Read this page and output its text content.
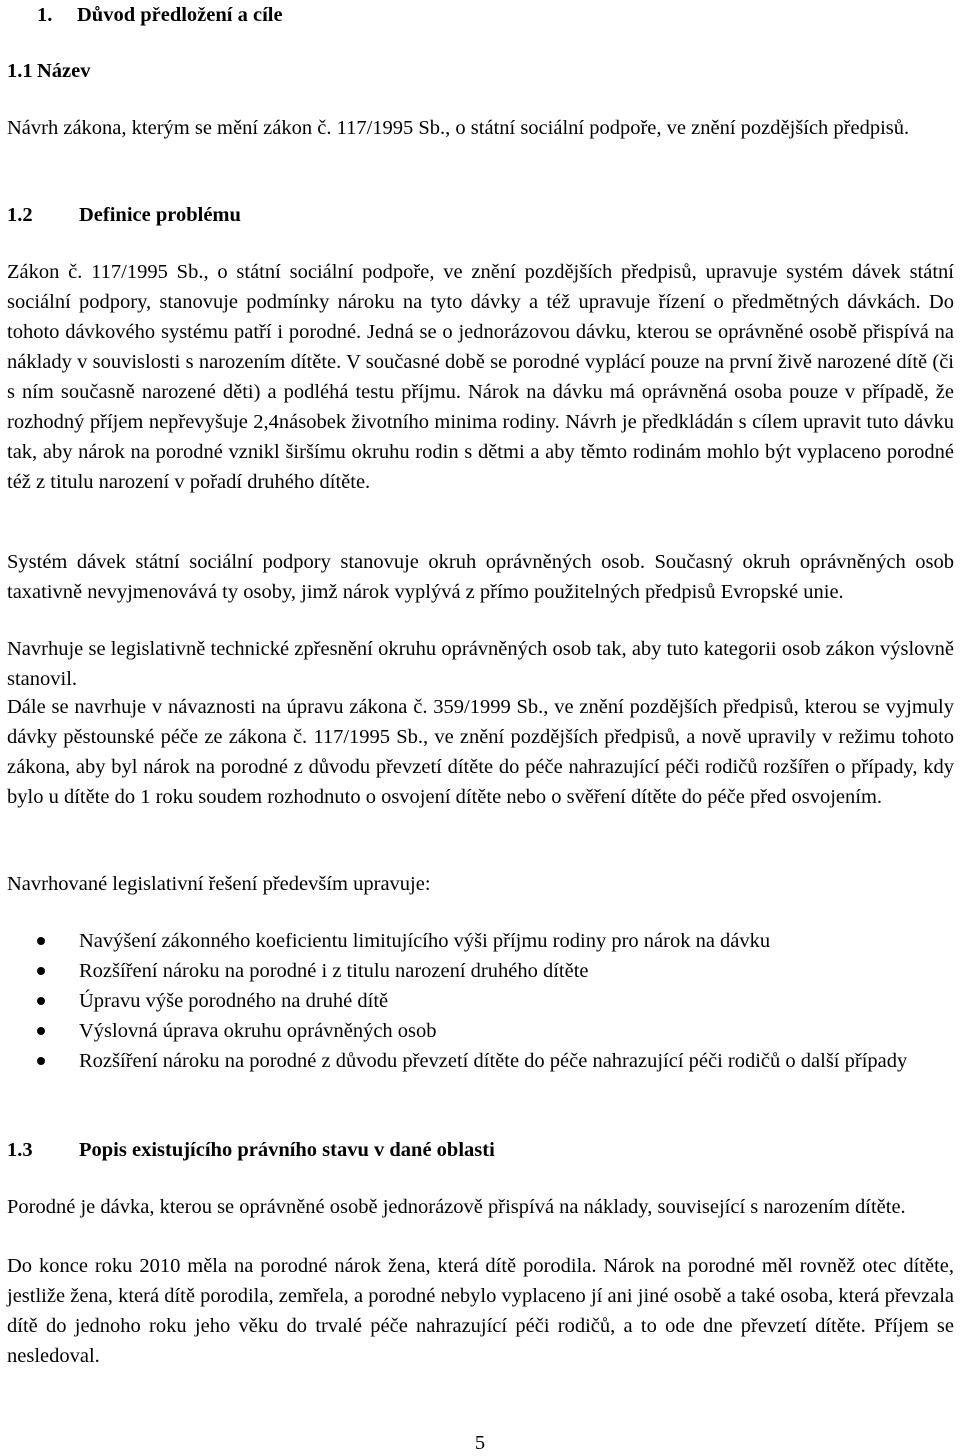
1. Důvod předložení a cíle
1.1 Název
Návrh zákona, kterým se mění zákon č. 117/1995 Sb., o státní sociální podpoře, ve znění pozdějších předpisů.
1.2 Definice problému
Zákon č. 117/1995 Sb., o státní sociální podpoře, ve znění pozdějších předpisů, upravuje systém dávek státní sociální podpory, stanovuje podmínky nároku na tyto dávky a též upravuje řízení o předmětných dávkách. Do tohoto dávkového systému patří i porodné. Jedná se o jednorázovou dávku, kterou se oprávněné osobě přispívá na náklady v souvislosti s narozením dítěte. V současné době se porodné vyplácí pouze na první živě narozené dítě (či s ním současně narozené děti) a podléhá testu příjmu. Nárok na dávku má oprávněná osoba pouze v případě, že rozhodný příjem nepřevyšuje 2,4násobek životního minima rodiny. Návrh je předkládán s cílem upravit tuto dávku tak, aby nárok na porodné vznikl širšímu okruhu rodin s dětmi a aby těmto rodinám mohlo být vyplaceno porodné též z titulu narození v pořadí druhého dítěte.
Systém dávek státní sociální podpory stanovuje okruh oprávněných osob. Současný okruh oprávněných osob taxativně nevyjmenovává ty osoby, jimž nárok vyplývá z přímo použitelných předpisů Evropské unie.
Navrhuje se legislativně technické zpřesnění okruhu oprávněných osob tak, aby tuto kategorii osob zákon výslovně stanovil.
Dále se navrhuje v návaznosti na úpravu zákona č. 359/1999 Sb., ve znění pozdějších předpisů, kterou se vyjmuly dávky pěstounské péče ze zákona č. 117/1995 Sb., ve znění pozdějších předpisů, a nově upravily v režimu tohoto zákona, aby byl nárok na porodné z důvodu převzetí dítěte do péče nahrazující péči rodičů rozšířen o případy, kdy bylo u dítěte do 1 roku soudem rozhodnuto o osvojení dítěte nebo o svěření dítěte do péče před osvojením.
Navrhované legislativní řešení především upravuje:
Navýšení zákonného koeficientu limitujícího výši příjmu rodiny pro nárok na dávku
Rozšíření nároku na porodné i z titulu narození druhého dítěte
Úpravu výše porodného na druhé dítě
Výslovná úprava okruhu oprávněných osob
Rozšíření nároku na porodné z důvodu převzetí dítěte do péče nahrazující péči rodičů o další případy
1.3 Popis existujícího právního stavu v dané oblasti
Porodné je dávka, kterou se oprávněné osobě jednorázově přispívá na náklady, související s narozením dítěte.
Do konce roku 2010 měla na porodné nárok žena, která dítě porodila. Nárok na porodné měl rovněž otec dítěte, jestliže žena, která dítě porodila, zemřela, a porodné nebylo vyplaceno jí ani jiné osobě a také osoba, která převzala dítě do jednoho roku jeho věku do trvalé péče nahrazující péči rodičů, a to ode dne převzetí dítěte. Příjem se nesledoval.
5
